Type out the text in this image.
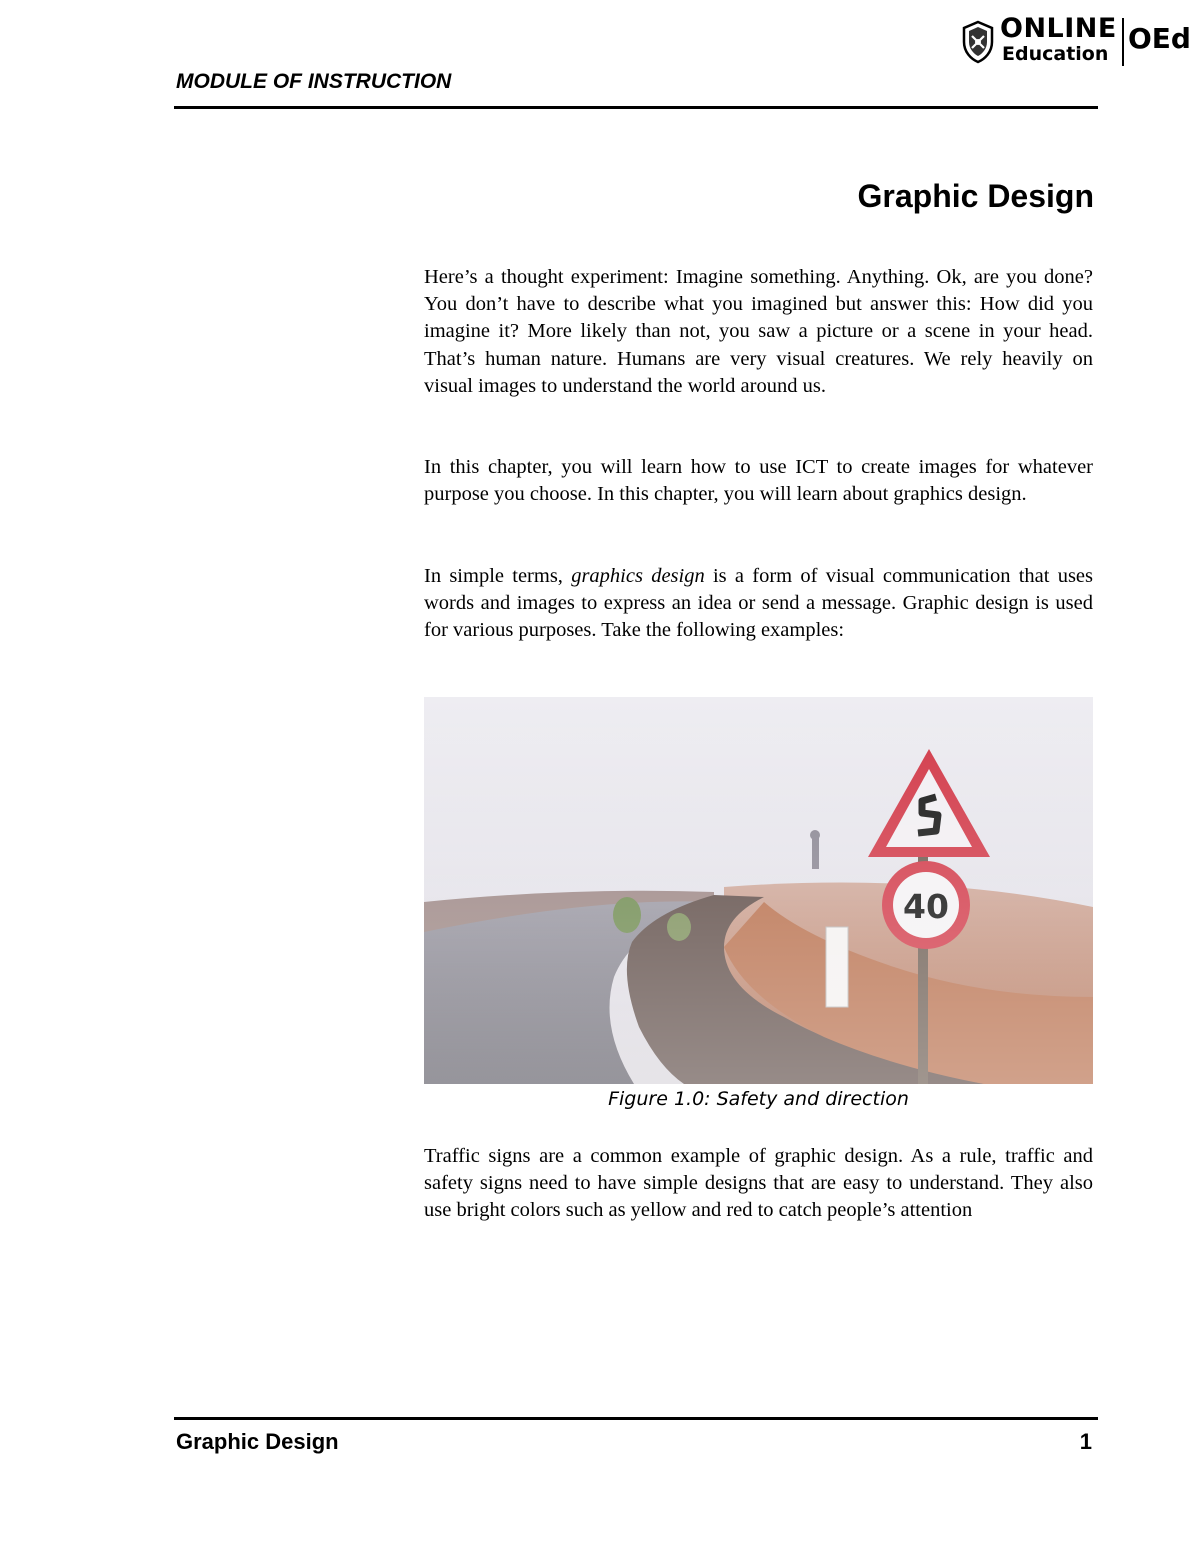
MODULE OF INSTRUCTION
ONLINE
Education OEd
Graphic Design
Here’s a thought experiment: Imagine something. Anything. Ok, are you done? You don’t have to describe what you imagined but answer this: How did you imagine it? More likely than not, you saw a picture or a scene in your head. That’s human nature. Humans are very visual creatures. We rely heavily on visual images to understand the world around us.
In this chapter, you will learn how to use ICT to create images for whatever purpose you choose. In this chapter, you will learn about graphics design.
In simple terms, graphics design is a form of visual communication that uses words and images to express an idea or send a message. Graphic design is used for various purposes. Take the following examples:
Figure 1.0: Safety and direction
Traffic signs are a common example of graphic design. As a rule, traffic and safety signs need to have simple designs that are easy to understand. They also use bright colors such as yellow and red to catch people’s attention
Graphic Design	1
